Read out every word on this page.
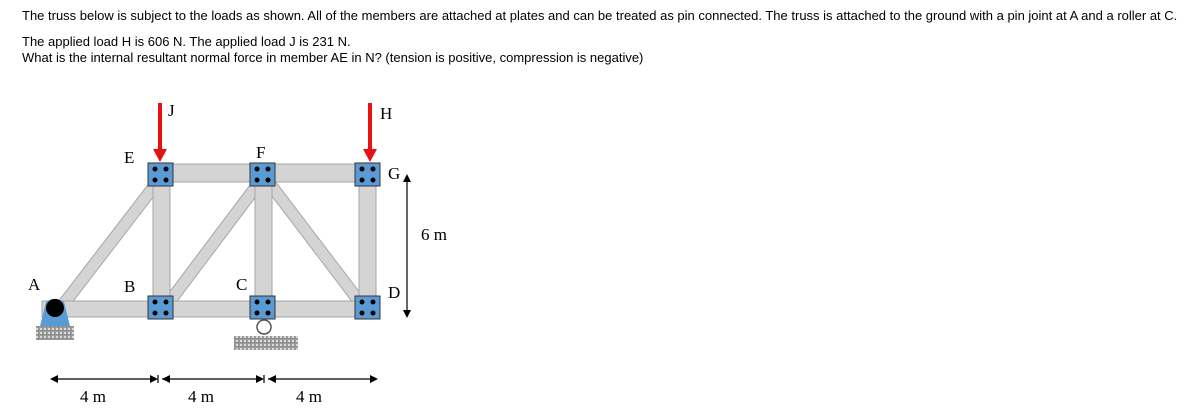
The truss below is subject to the loads as shown. All of the members are attached at plates and can be treated as pin connected. The truss is attached to the ground with a pin joint at A and a roller at C.

The applied load H is 606 N. The applied load J is 231 N.

What is the internal resultant normal force in member AE in N? (tension is positive, compression is negative)

A	B	C	D
E	F
G
J	H
6 m
4 m	4 m	4 m
